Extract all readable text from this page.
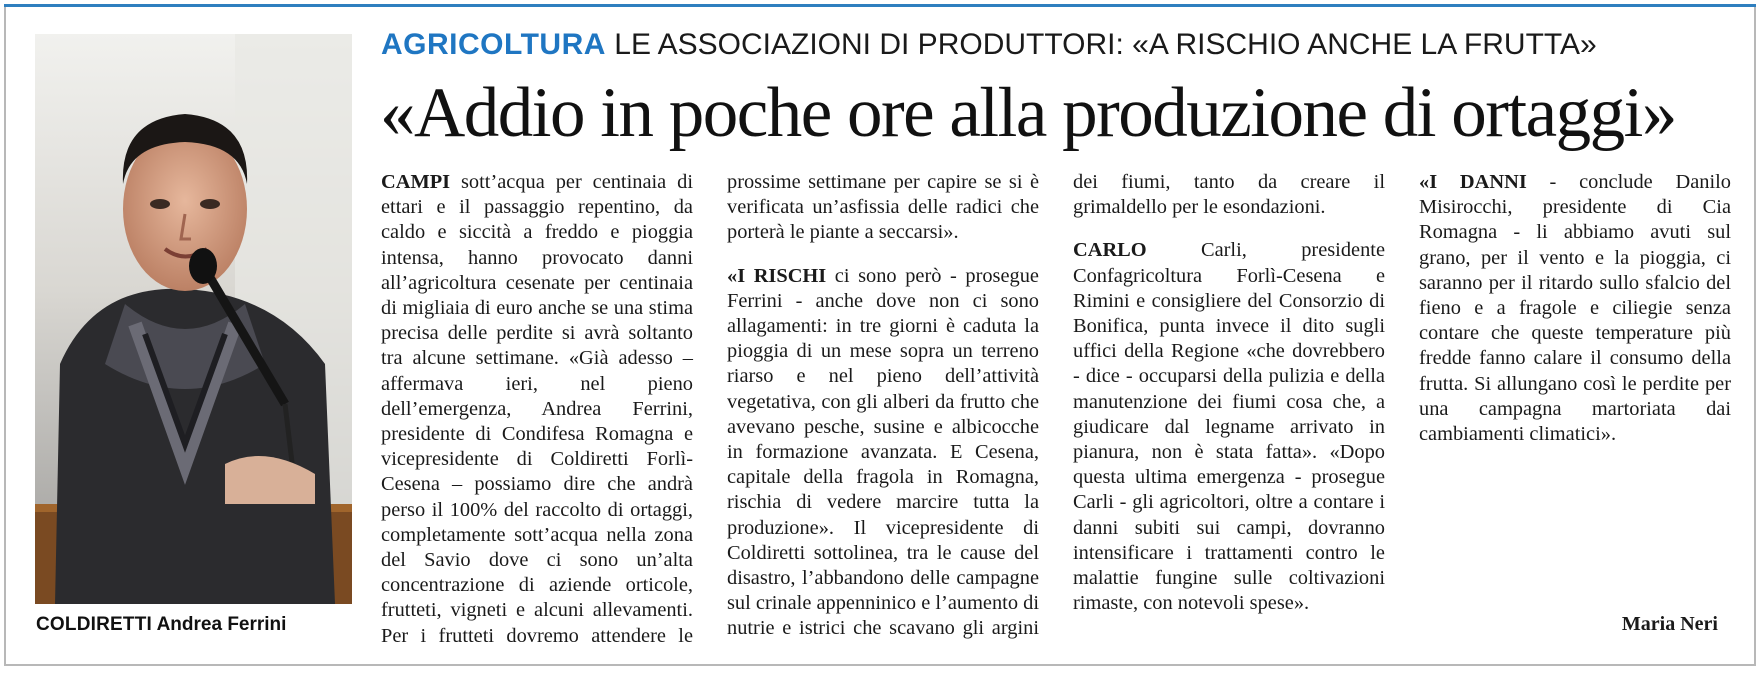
COLDIRETTI Andrea Ferrini
AGRICOLTURA LE ASSOCIAZIONI DI PRODUTTORI: «A RISCHIO ANCHE LA FRUTTA»
«Addio in poche ore alla produzione di ortaggi»

CAMPI sott’acqua per centinaia di ettari e il passaggio repentino, da caldo e siccità a freddo e pioggia intensa, hanno provocato danni all’agricoltura cesenate per centinaia di migliaia di euro anche se una stima precisa delle perdite si avrà soltanto tra alcune settimane. «Già adesso – affermava ieri, nel pieno dell’emergenza, Andrea Ferrini, presidente di Condifesa Romagna e vicepresidente di Coldiretti Forlì-Cesena – possiamo dire che andrà perso il 100% del raccolto di ortaggi, completamente sott’acqua nella zona del Savio dove ci sono un’alta concentrazione di aziende orticole, frutteti, vigneti e alcuni allevamenti. Per i frutteti dovremo attendere le prossime settimane per capire se si è verificata un’asfissia delle radici che porterà le piante a seccarsi».

«I RISCHI ci sono però - prosegue Ferrini - anche dove non ci sono allagamenti: in tre giorni è caduta la pioggia di un mese sopra un terreno riarso e nel pieno dell’attività vegetativa, con gli alberi da frutto che avevano pesche, susine e albicocche in formazione avanzata. E Cesena, capitale della fragola in Romagna, rischia di vedere marcire tutta la produzione». Il vicepresidente di Coldiretti sottolinea, tra le cause del disastro, l’abbandono delle campagne sul crinale appenninico e l’aumento di nutrie e istrici che scavano gli argini dei fiumi, tanto da creare il grimaldello per le esondazioni.

CARLO Carli, presidente Confagricoltura Forlì-Cesena e Rimini e consigliere del Consorzio di Bonifica, punta invece il dito sugli uffici della Regione «che dovrebbero - dice - occuparsi della pulizia e della manutenzione dei fiumi cosa che, a giudicare dal legname arrivato in pianura, non è stata fatta». «Dopo questa ultima emergenza - prosegue Carli - gli agricoltori, oltre a contare i danni subiti sui campi, dovranno intensificare i trattamenti contro le malattie fungine sulle coltivazioni rimaste, con notevoli spese».

«I DANNI - conclude Danilo Misirocchi, presidente di Cia Romagna - li abbiamo avuti sul grano, per il vento e la pioggia, ci saranno per il ritardo sullo sfalcio del fieno e a fragole e ciliegie senza contare che queste temperature più fredde fanno calare il consumo della frutta. Si allungano così le perdite per una campagna martoriata dai cambiamenti climatici».

Maria Neri
